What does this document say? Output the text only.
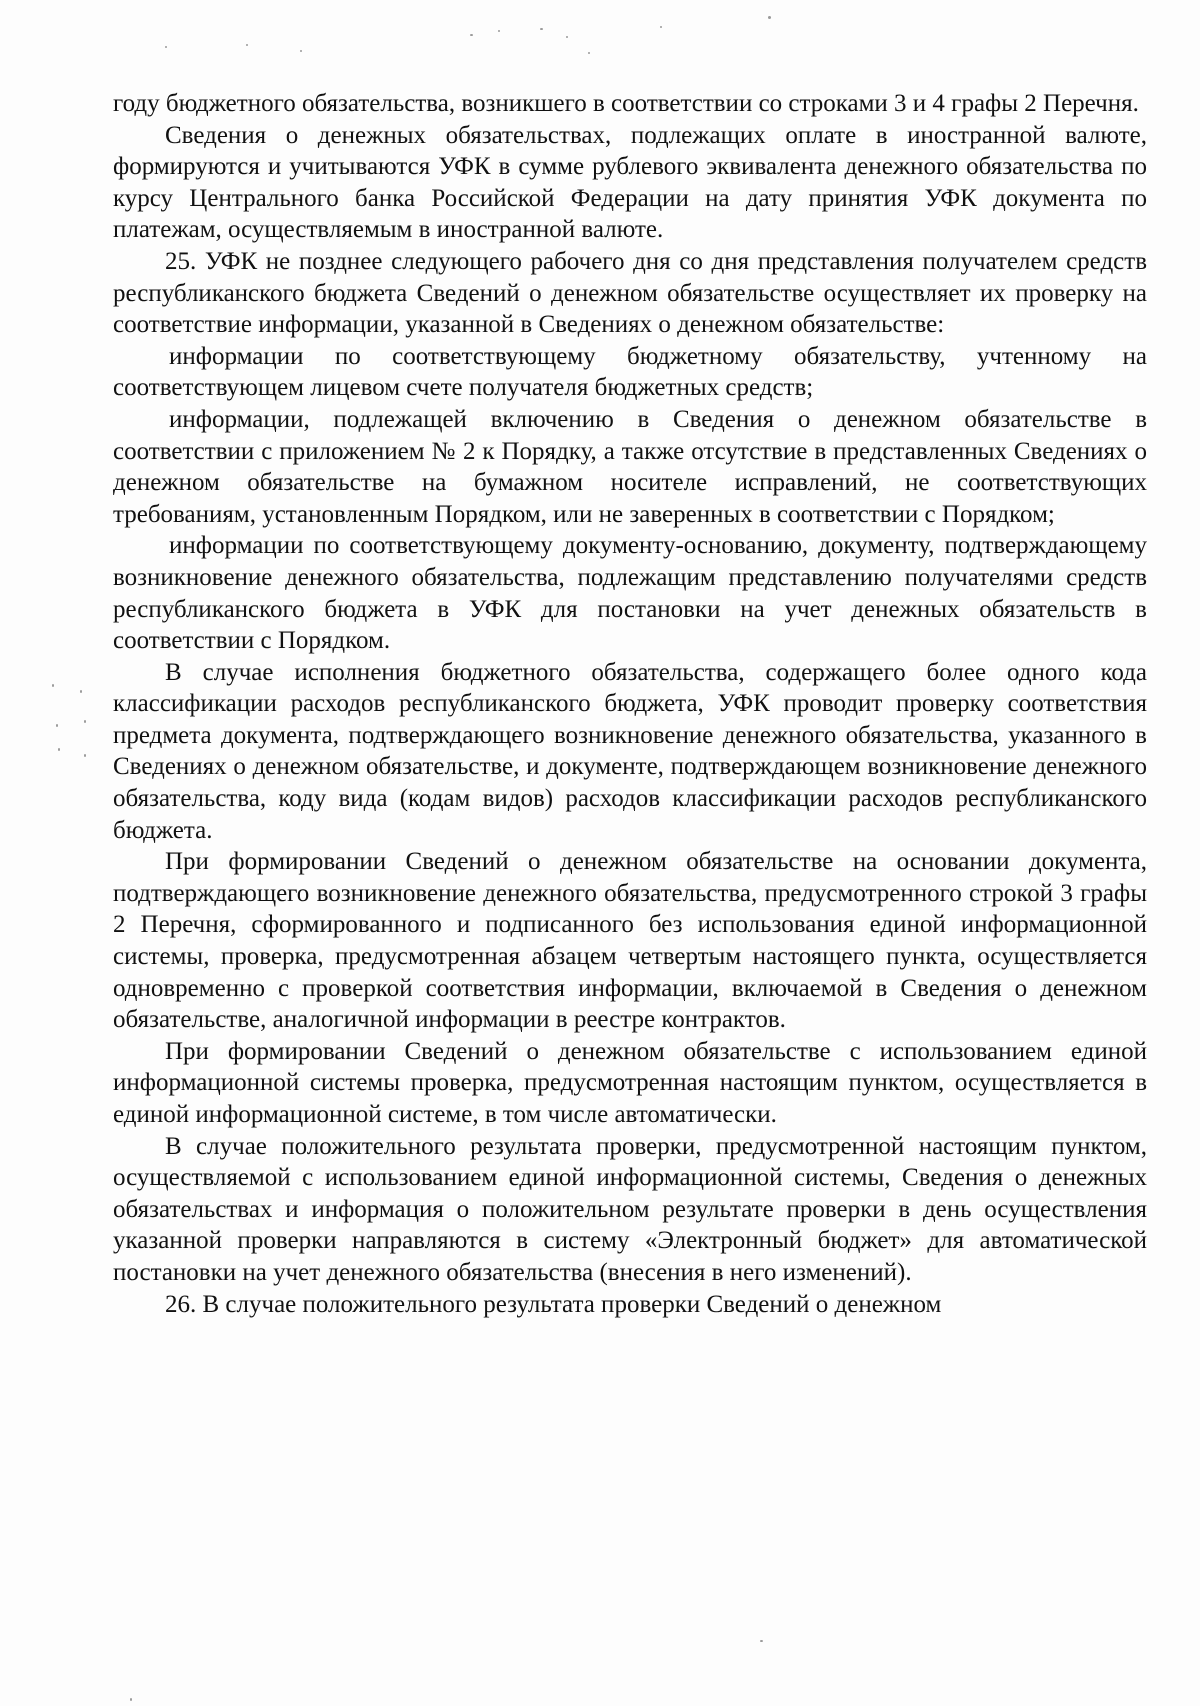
году бюджетного обязательства, возникшего в соответствии со строками 3 и 4 графы 2 Перечня.

Сведения о денежных обязательствах, подлежащих оплате в иностранной валюте, формируются и учитываются УФК в сумме рублевого эквивалента денежного обязательства по курсу Центрального банка Российской Федерации на дату принятия УФК документа по платежам, осуществляемым в иностранной валюте.

25. УФК не позднее следующего рабочего дня со дня представления получателем средств республиканского бюджета Сведений о денежном обязательстве осуществляет их проверку на соответствие информации, указанной в Сведениях о денежном обязательстве:

информации по соответствующему бюджетному обязательству, учтенному на соответствующем лицевом счете получателя бюджетных средств;

информации, подлежащей включению в Сведения о денежном обязательстве в соответствии с приложением № 2 к Порядку, а также отсутствие в представленных Сведениях о денежном обязательстве на бумажном носителе исправлений, не соответствующих требованиям, установленным Порядком, или не заверенных в соответствии с Порядком;

информации по соответствующему документу-основанию, документу, подтверждающему возникновение денежного обязательства, подлежащим представлению получателями средств республиканского бюджета в УФК для постановки на учет денежных обязательств в соответствии с Порядком.

В случае исполнения бюджетного обязательства, содержащего более одного кода классификации расходов республиканского бюджета, УФК проводит проверку соответствия предмета документа, подтверждающего возникновение денежного обязательства, указанного в Сведениях о денежном обязательстве, и документе, подтверждающем возникновение денежного обязательства, коду вида (кодам видов) расходов классификации расходов республиканского бюджета.

При формировании Сведений о денежном обязательстве на основании документа, подтверждающего возникновение денежного обязательства, предусмотренного строкой 3 графы 2 Перечня, сформированного и подписанного без использования единой информационной системы, проверка, предусмотренная абзацем четвертым настоящего пункта, осуществляется одновременно с проверкой соответствия информации, включаемой в Сведения о денежном обязательстве, аналогичной информации в реестре контрактов.

При формировании Сведений о денежном обязательстве с использованием единой информационной системы проверка, предусмотренная настоящим пунктом, осуществляется в единой информационной системе, в том числе автоматически.

В случае положительного результата проверки, предусмотренной настоящим пунктом, осуществляемой с использованием единой информационной системы, Сведения о денежных обязательствах и информация о положительном результате проверки в день осуществления указанной проверки направляются в систему «Электронный бюджет» для автоматической постановки на учет денежного обязательства (внесения в него изменений).

26. В случае положительного результата проверки Сведений о денежном
